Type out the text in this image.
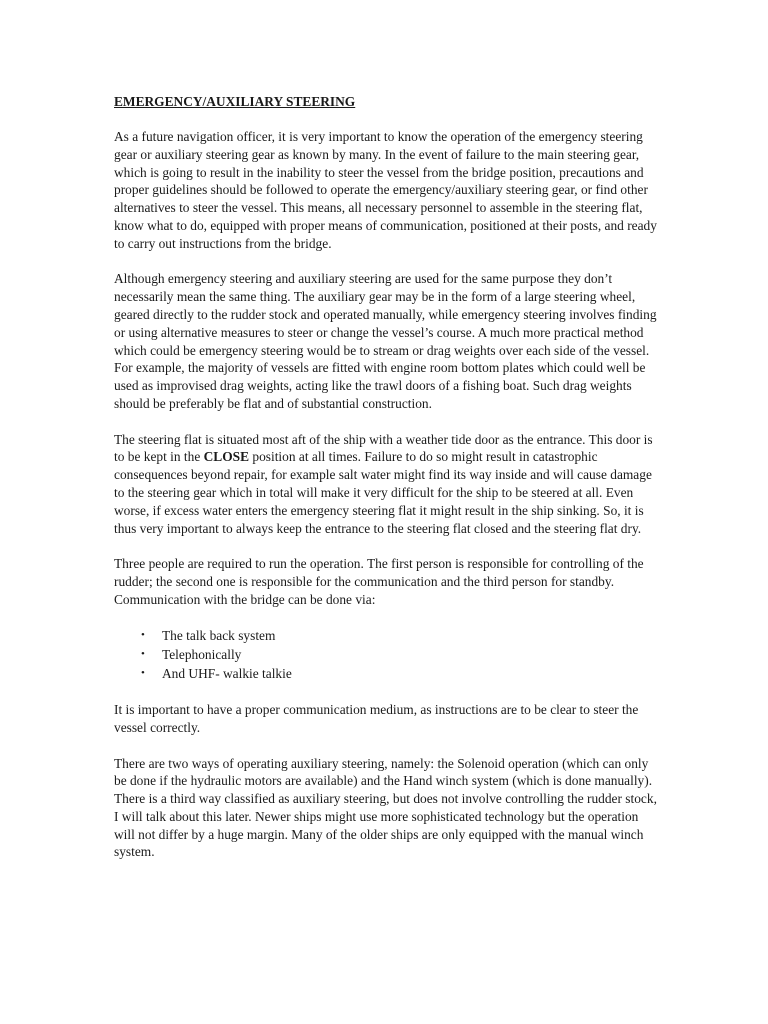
EMERGENCY/AUXILIARY STEERING

As a future navigation officer, it is very important to know the operation of the emergency steering gear or auxiliary steering gear as known by many. In the event of failure to the main steering gear, which is going to result in the inability to steer the vessel from the bridge position, precautions and proper guidelines should be followed to operate the emergency/auxiliary steering gear, or find other alternatives to steer the vessel. This means, all necessary personnel to assemble in the steering flat, know what to do, equipped with proper means of communication, positioned at their posts, and ready to carry out instructions from the bridge.

Although emergency steering and auxiliary steering are used for the same purpose they don’t necessarily mean the same thing. The auxiliary gear may be in the form of a large steering wheel, geared directly to the rudder stock and operated manually, while emergency steering involves finding or using alternative measures to steer or change the vessel’s course. A much more practical method which could be emergency steering would be to stream or drag weights over each side of the vessel. For example, the majority of vessels are fitted with engine room bottom plates which could well be used as improvised drag weights, acting like the trawl doors of a fishing boat. Such drag weights should be preferably be flat and of substantial construction.

The steering flat is situated most aft of the ship with a weather tide door as the entrance. This door is to be kept in the CLOSE position at all times. Failure to do so might result in catastrophic consequences beyond repair, for example salt water might find its way inside and will cause damage to the steering gear which in total will make it very difficult for the ship to be steered at all. Even worse, if excess water enters the emergency steering flat it might result in the ship sinking. So, it is thus very important to always keep the entrance to the steering flat closed and the steering flat dry.

Three people are required to run the operation. The first person is responsible for controlling of the rudder; the second one is responsible for the communication and the third person for standby. Communication with the bridge can be done via:

• The talk back system
• Telephonically
• And UHF- walkie talkie

It is important to have a proper communication medium, as instructions are to be clear to steer the vessel correctly.

There are two ways of operating auxiliary steering, namely: the Solenoid operation (which can only be done if the hydraulic motors are available) and the Hand winch system (which is done manually). There is a third way classified as auxiliary steering, but does not involve controlling the rudder stock, I will talk about this later. Newer ships might use more sophisticated technology but the operation will not differ by a huge margin. Many of the older ships are only equipped with the manual winch system.
